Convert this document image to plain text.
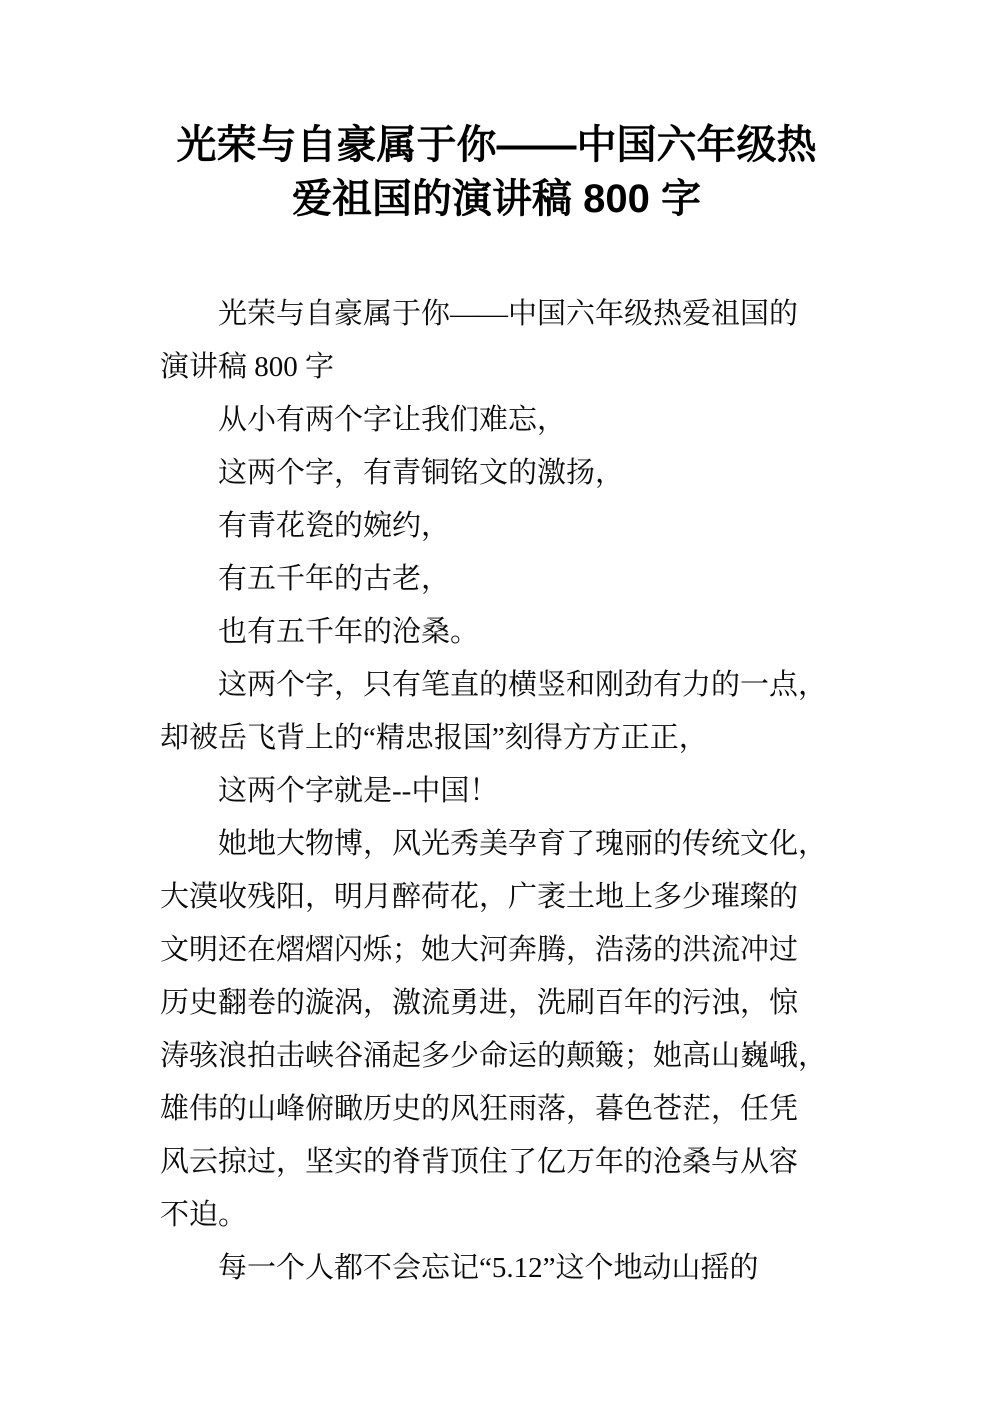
光荣与自豪属于你——中国六年级热
爱祖国的演讲稿 800 字
光荣与自豪属于你——中国六年级热爱祖国的
演讲稿 800 字
从小有两个字让我们难忘，
这两个字，有青铜铭文的激扬，
有青花瓷的婉约，
有五千年的古老，
也有五千年的沧桑。
这两个字，只有笔直的横竖和刚劲有力的一点，
却被岳飞背上的“精忠报国”刻得方方正正，
这两个字就是--中国！
她地大物博，风光秀美孕育了瑰丽的传统文化，
大漠收残阳，明月醉荷花，广袤土地上多少璀璨的
文明还在熠熠闪烁；她大河奔腾，浩荡的洪流冲过
历史翻卷的漩涡，激流勇进，洗刷百年的污浊，惊
涛骇浪拍击峡谷涌起多少命运的颠簸；她高山巍峨，
雄伟的山峰俯瞰历史的风狂雨落，暮色苍茫，任凭
风云掠过，坚实的脊背顶住了亿万年的沧桑与从容
不迫。
每一个人都不会忘记“5.12”这个地动山摇的
